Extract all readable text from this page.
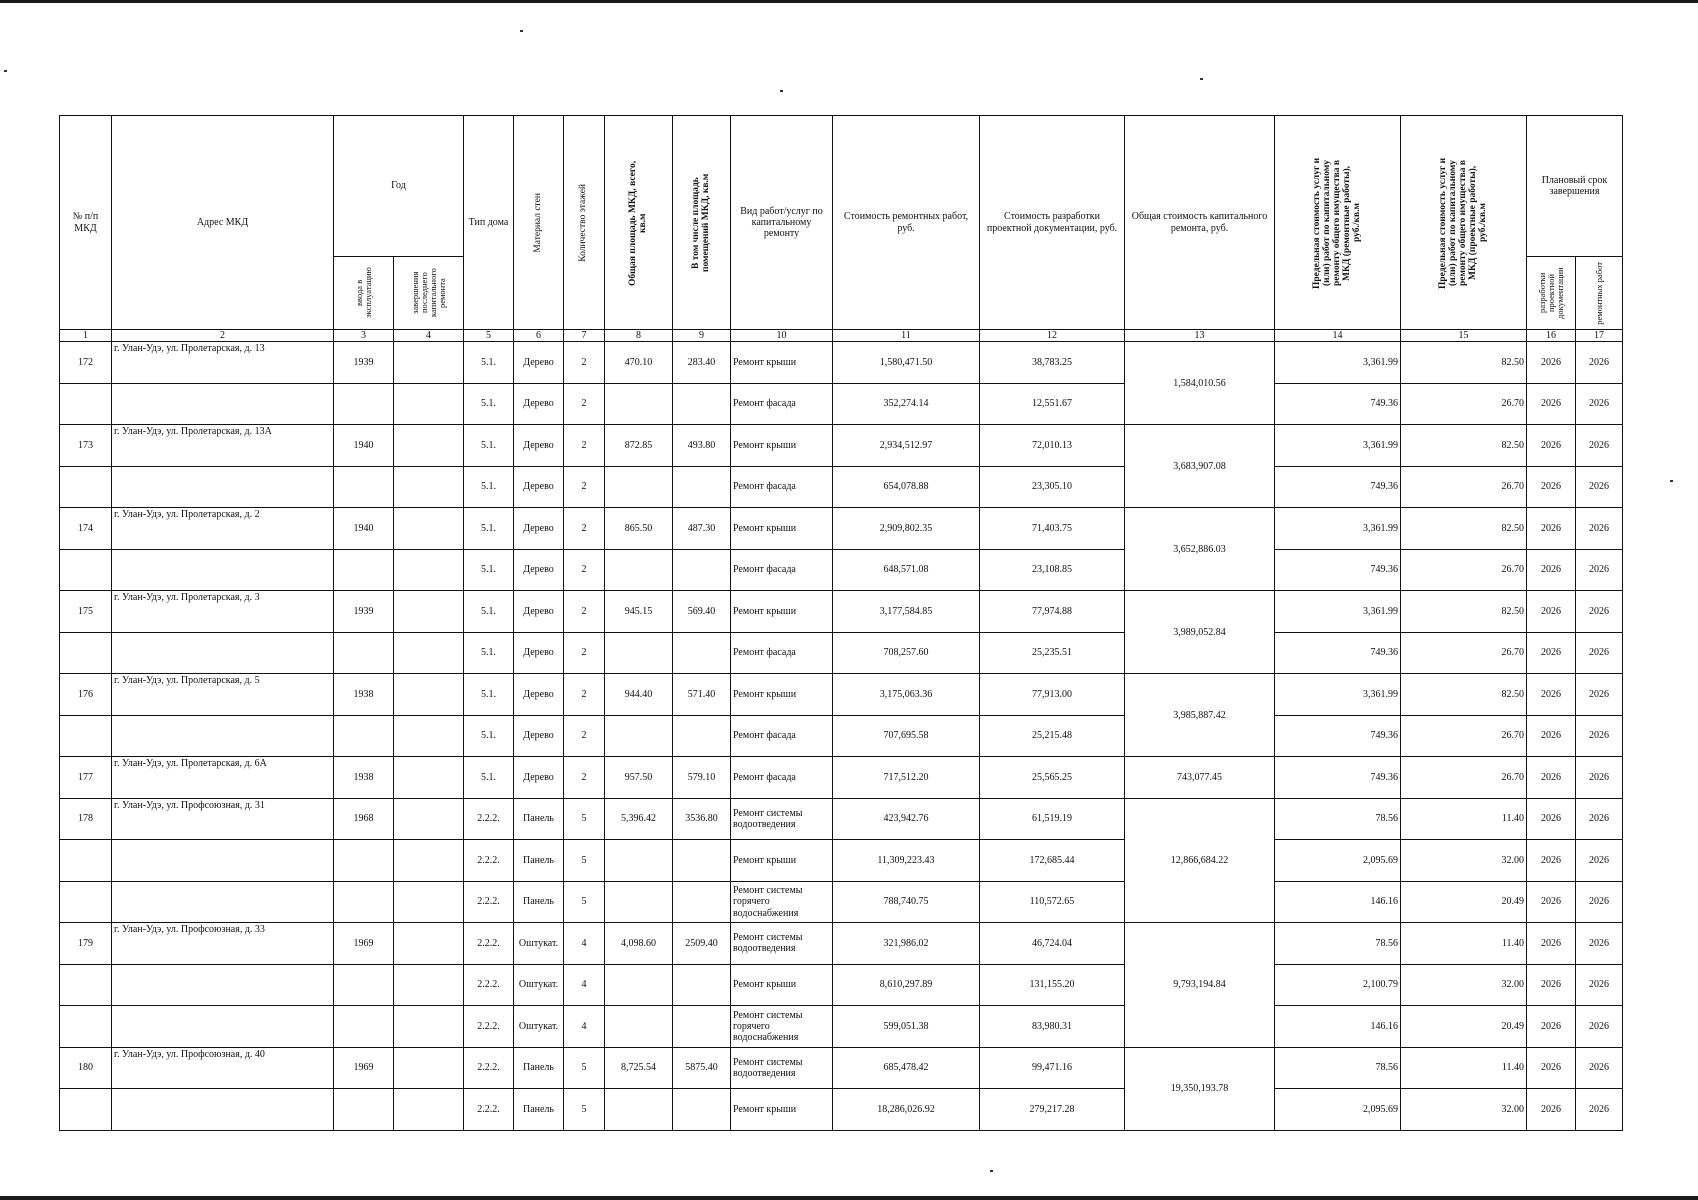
№ п/п МКД	Адрес МКД	Год		Тип дома	Материал стен	Количество этажей	Общая площадь МКД, всего, кв.м	В том числе площадь помещений МКД, кв.м	Вид работ/услуг по капитальному ремонту	Стоимость ремонтных работ, руб.	Стоимость разработки проектной документации, руб.	Общая стоимость капитального ремонта, руб.	Предельная стоимость услуг и (или) работ по капитальному ремонту общего имущества в МКД (ремонтные работы), руб./кв.м	Предельная стоимость услуг и (или) работ по капитальному ремонту общего имущества в МКД (проектные работы), руб./кв.м	Плановый срок завершения	

		ввода в эксплуатацию	завершения последнего капитального ремонта												разработки проектной документации	ремонтных работ

1	2	3	4	5	6	7	8	9	10	11	12	13	14	15	16	17
172	г. Улан-Удэ, ул. Пролетарская, д. 13	1939		5.1.	Дерево	2	470.10	283.40	Ремонт крыши	1,580,471.50	38,783.25	1,584,010.56	3,361.99	82.50	2026	2026
				5.1.	Дерево	2			Ремонт фасада	352,274.14	12,551.67		749.36	26.70	2026	2026
173	г. Улан-Удэ, ул. Пролетарская, д. 13А	1940		5.1.	Дерево	2	872.85	493.80	Ремонт крыши	2,934,512.97	72,010.13	3,683,907.08	3,361.99	82.50	2026	2026
				5.1.	Дерево	2			Ремонт фасада	654,078.88	23,305.10		749.36	26.70	2026	2026
174	г. Улан-Удэ, ул. Пролетарская, д. 2	1940		5.1.	Дерево	2	865.50	487.30	Ремонт крыши	2,909,802.35	71,403.75	3,652,886.03	3,361.99	82.50	2026	2026
				5.1.	Дерево	2			Ремонт фасада	648,571.08	23,108.85		749.36	26.70	2026	2026
175	г. Улан-Удэ, ул. Пролетарская, д. 3	1939		5.1.	Дерево	2	945.15	569.40	Ремонт крыши	3,177,584.85	77,974.88	3,989,052.84	3,361.99	82.50	2026	2026
				5.1.	Дерево	2			Ремонт фасада	708,257.60	25,235.51		749.36	26.70	2026	2026
176	г. Улан-Удэ, ул. Пролетарская, д. 5	1938		5.1.	Дерево	2	944.40	571.40	Ремонт крыши	3,175,063.36	77,913.00	3,985,887.42	3,361.99	82.50	2026	2026
				5.1.	Дерево	2			Ремонт фасада	707,695.58	25,215.48		749.36	26.70	2026	2026
177	г. Улан-Удэ, ул. Пролетарская, д. 6А	1938		5.1.	Дерево	2	957.50	579.10	Ремонт фасада	717,512.20	25,565.25	743,077.45	749.36	26.70	2026	2026
178	г. Улан-Удэ, ул. Профсоюзная, д. 31	1968		2.2.2.	Панель	5	5,396.42	3536.80	Ремонт системы водоотведения	423,942.76	61,519.19	12,866,684.22	78.56	11.40	2026	2026
				2.2.2.	Панель	5			Ремонт крыши	11,309,223.43	172,685.44		2,095.69	32.00	2026	2026
				2.2.2.	Панель	5			Ремонт системы горячего водоснабжения	788,740.75	110,572.65		146.16	20.49	2026	2026
179	г. Улан-Удэ, ул. Профсоюзная, д. 33	1969		2.2.2.	Оштукат.	4	4,098.60	2509.40	Ремонт системы водоотведения	321,986.02	46,724.04	9,793,194.84	78.56	11.40	2026	2026
				2.2.2.	Оштукат.	4			Ремонт крыши	8,610,297.89	131,155.20		2,100.79	32.00	2026	2026
				2.2.2.	Оштукат.	4			Ремонт системы горячего водоснабжения	599,051.38	83,980.31		146.16	20.49	2026	2026
180	г. Улан-Удэ, ул. Профсоюзная, д. 40	1969		2.2.2.	Панель	5	8,725.54	5875.40	Ремонт системы водоотведения	685,478.42	99,471.16	19,350,193.78	78.56	11.40	2026	2026
				2.2.2.	Панель	5			Ремонт крыши	18,286,026.92	279,217.28		2,095.69	32.00	2026	2026
